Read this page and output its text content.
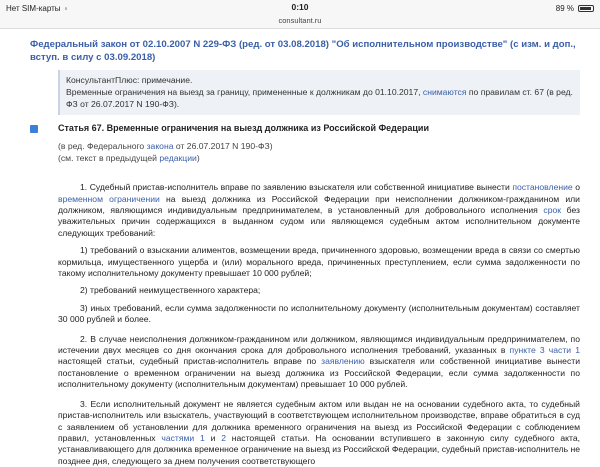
Нет SIM-карты ◦	0:10	89 %
consultant.ru
Федеральный закон от 02.10.2007 N 229-ФЗ (ред. от 03.08.2018) "Об исполнительном производстве" (с изм. и доп., вступ. в силу с 03.09.2018)
КонсультантПлюс: примечание.
Временные ограничения на выезд за границу, примененные к должникам до 01.10.2017, снимаются по правилам ст. 67 (в ред. ФЗ от 26.07.2017 N 190-ФЗ).
Статья 67. Временные ограничения на выезд должника из Российской Федерации
(в ред. Федерального закона от 26.07.2017 N 190-ФЗ)
(см. текст в предыдущей редакции)
1. Судебный пристав-исполнитель вправе по заявлению взыскателя или собственной инициативе вынести постановление о временном ограничении на выезд должника из Российской Федерации при неисполнении должником-гражданином или должником, являющимся индивидуальным предпринимателем, в установленный для добровольного исполнения срок без уважительных причин содержащихся в выданном судом или являющемся судебным актом исполнительном документе следующих требований:
1) требований о взыскании алиментов, возмещении вреда, причиненного здоровью, возмещении вреда в связи со смертью кормильца, имущественного ущерба и (или) морального вреда, причиненных преступлением, если сумма задолженности по такому исполнительному документу превышает 10 000 рублей;
2) требований неимущественного характера;
3) иных требований, если сумма задолженности по исполнительному документу (исполнительным документам) составляет 30 000 рублей и более.
2. В случае неисполнения должником-гражданином или должником, являющимся индивидуальным предпринимателем, по истечении двух месяцев со дня окончания срока для добровольного исполнения требований, указанных в пункте 3 части 1 настоящей статьи, судебный пристав-исполнитель вправе по заявлению взыскателя или собственной инициативе вынести постановление о временном ограничении на выезд должника из Российской Федерации, если сумма задолженности по исполнительному документу (исполнительным документам) превышает 10 000 рублей.
3. Если исполнительный документ не является судебным актом или выдан не на основании судебного акта, то судебный пристав-исполнитель или взыскатель, участвующий в соответствующем исполнительном производстве, вправе обратиться в суд с заявлением об установлении для должника временного ограничения на выезд из Российской Федерации с соблюдением правил, установленных частями 1 и 2 настоящей статьи. На основании вступившего в законную силу судебного акта, устанавливающего для должника временное ограничение на выезд из Российской Федерации, судебный пристав-исполнитель не позднее дня, следующего за днем получения соответствующего
